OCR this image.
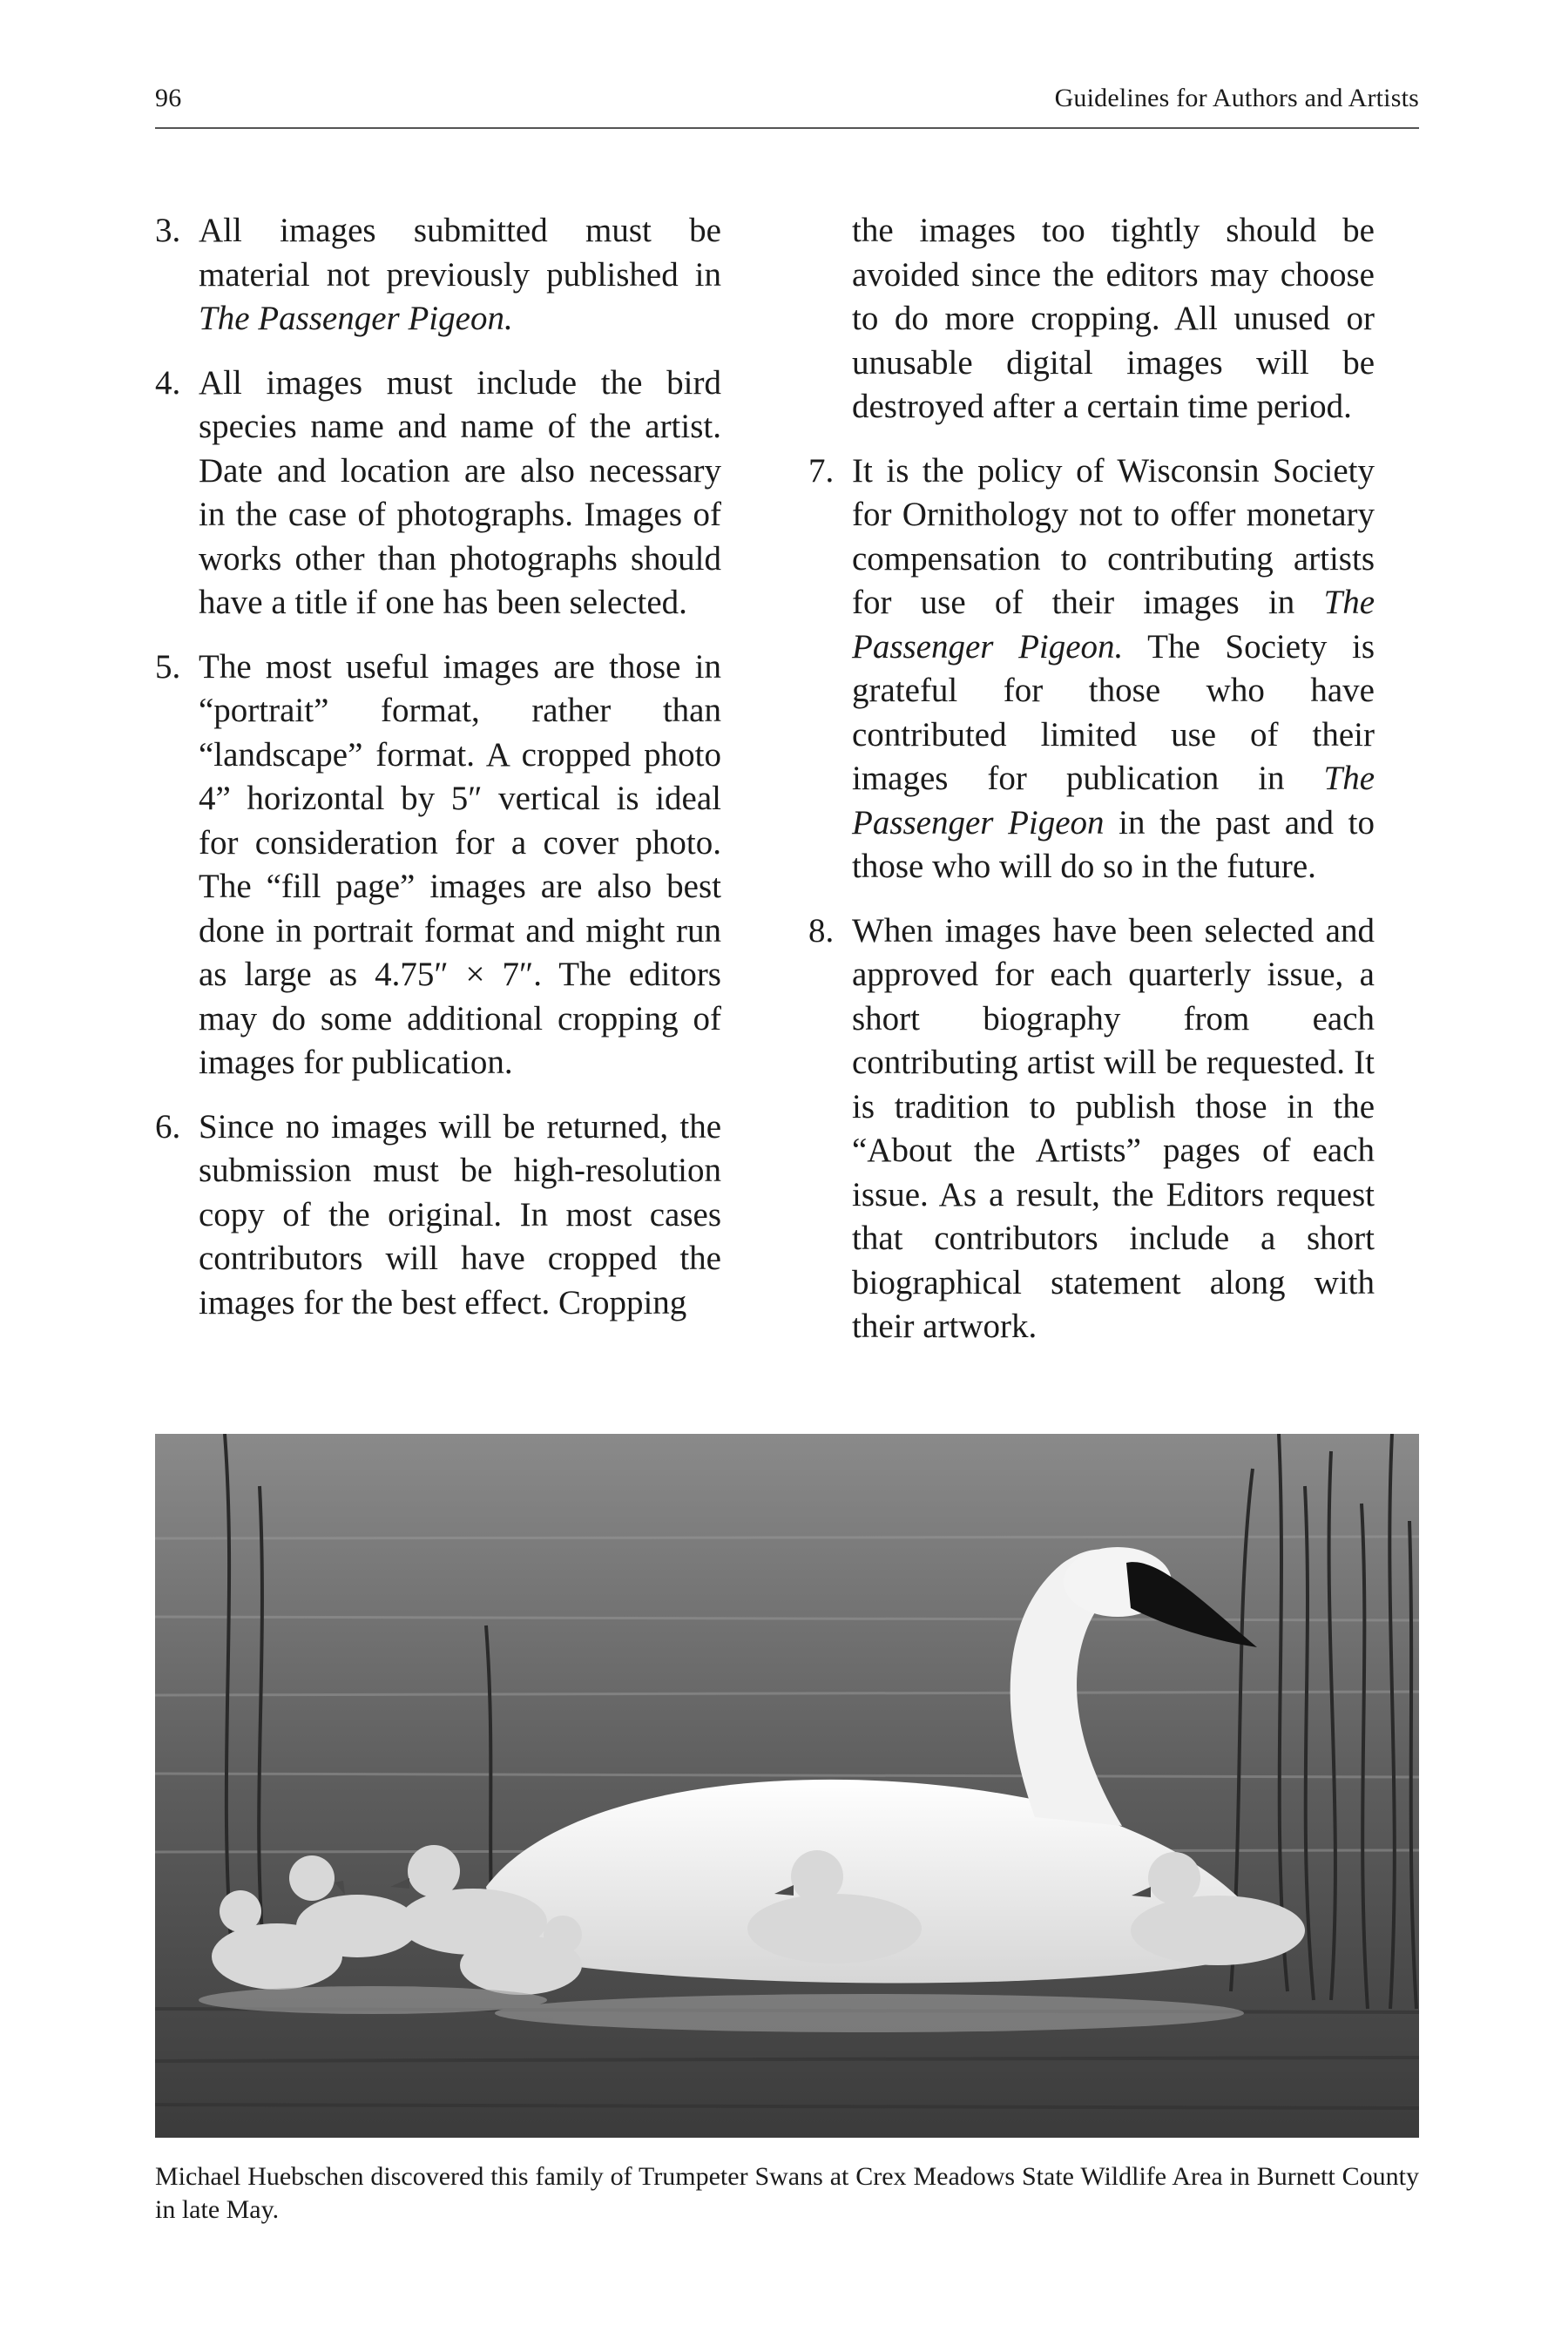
96	Guidelines for Authors and Artists
3. All images submitted must be material not previously published in The Passenger Pigeon.
4. All images must include the bird species name and name of the artist. Date and location are also necessary in the case of photographs. Images of works other than photographs should have a title if one has been selected.
5. The most useful images are those in “portrait” format, rather than “landscape” format. A cropped photo 4” horizontal by 5″ vertical is ideal for consideration for a cover photo. The “fill page” images are also best done in portrait format and might run as large as 4.75″ × 7″. The editors may do some additional cropping of images for publication.
6. Since no images will be returned, the submission must be high-resolution copy of the original. In most cases contributors will have cropped the images for the best effect. Cropping
the images too tightly should be avoided since the editors may choose to do more cropping. All unused or unusable digital images will be destroyed after a certain time period.
7. It is the policy of Wisconsin Society for Ornithology not to offer monetary compensation to contributing artists for use of their images in The Passenger Pigeon. The Society is grateful for those who have contributed limited use of their images for publication in The Passenger Pigeon in the past and to those who will do so in the future.
8. When images have been selected and approved for each quarterly issue, a short biography from each contributing artist will be requested. It is tradition to publish those in the “About the Artists” pages of each issue. As a result, the Editors request that contributors include a short biographical statement along with their artwork.
Michael Huebschen discovered this family of Trumpeter Swans at Crex Meadows State Wildlife Area in Burnett County in late May.
